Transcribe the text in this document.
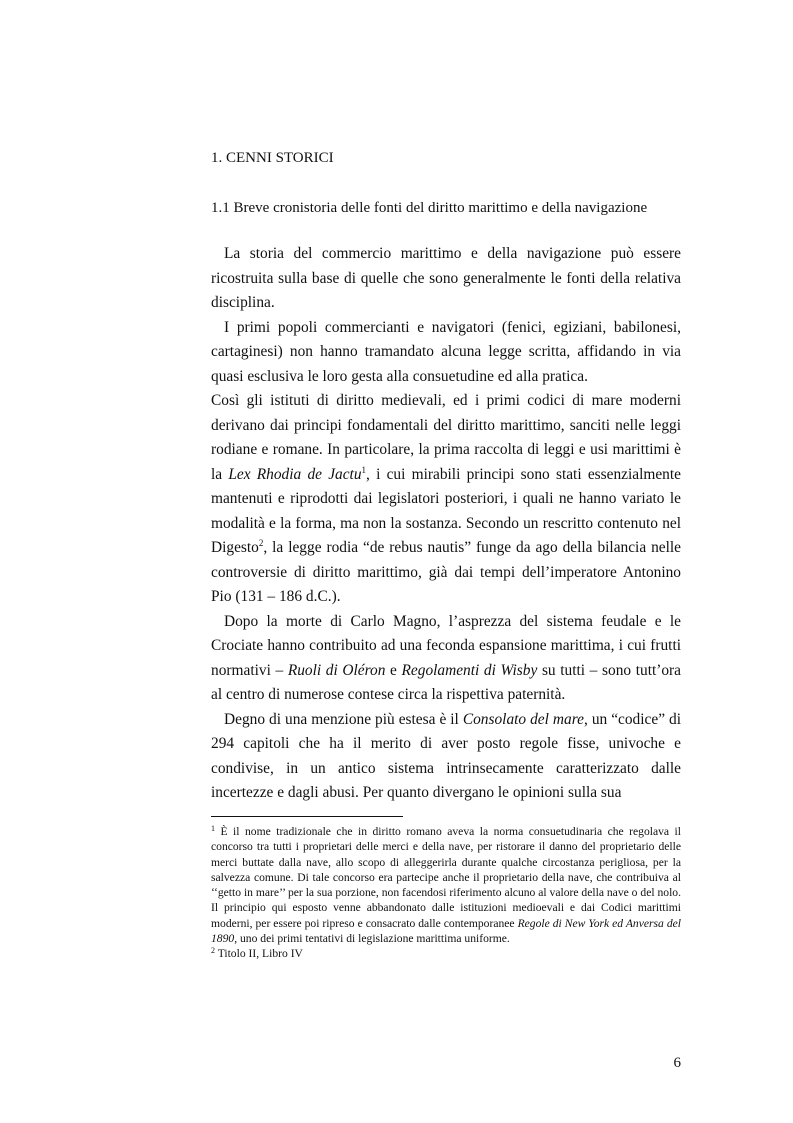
1. CENNI STORICI
1.1 Breve cronistoria delle fonti del diritto marittimo e della navigazione

La storia del commercio marittimo e della navigazione può essere ricostruita sulla base di quelle che sono generalmente le fonti della relativa disciplina.

I primi popoli commercianti e navigatori (fenici, egiziani, babilonesi, cartaginesi) non hanno tramandato alcuna legge scritta, affidando in via quasi esclusiva le loro gesta alla consuetudine ed alla pratica.

Così gli istituti di diritto medievali, ed i primi codici di mare moderni derivano dai principi fondamentali del diritto marittimo, sanciti nelle leggi rodiane e romane. In particolare, la prima raccolta di leggi e usi marittimi è la Lex Rhodia de Jactu$^1$, i cui mirabili principi sono stati essenzialmente mantenuti e riprodotti dai legislatori posteriori, i quali ne hanno variato le modalità e la forma, ma non la sostanza. Secondo un rescritto contenuto nel Digesto$^2$, la legge rodia “de rebus nautis” funge da ago della bilancia nelle controversie di diritto marittimo, già dai tempi dell’imperatore Antonino Pio (131 – 186 d.C.).

Dopo la morte di Carlo Magno, l’asprezza del sistema feudale e le Crociate hanno contribuito ad una feconda espansione marittima, i cui frutti normativi – Ruoli di Oléron e Regolamenti di Wisby su tutti – sono tutt’ora al centro di numerose contese circa la rispettiva paternità.

Degno di una menzione più estesa è il Consolato del mare, un “codice” di 294 capitoli che ha il merito di aver posto regole fisse, univoche e condivise, in un antico sistema intrinsecamente caratterizzato dalle incertezze e dagli abusi. Per quanto divergano le opinioni sulla sua

$^1$ È il nome tradizionale che in diritto romano aveva la norma consuetudinaria che regolava il concorso tra tutti i proprietari delle merci e della nave, per ristorare il danno del proprietario delle merci buttate dalla nave, allo scopo di alleggerirla durante qualche circostanza perigliosa, per la salvezza comune. Di tale concorso era partecipe anche il proprietario della nave, che contribuiva al ‘‘getto in mare’’ per la sua porzione, non facendosi riferimento alcuno al valore della nave o del nolo. Il principio qui esposto venne abbandonato dalle istituzioni medioevali e dai Codici marittimi moderni, per essere poi ripreso e consacrato dalle contemporanee Regole di New York ed Anversa del 1890, uno dei primi tentativi di legislazione marittima uniforme.

$^2$ Titolo II, Libro IV

6
